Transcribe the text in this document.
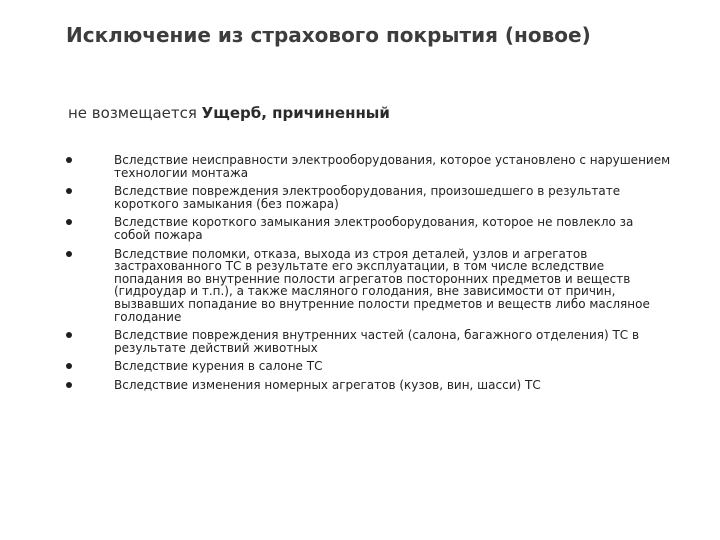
Исключение из страхового покрытия (новое)

не возмещается Ущерб, причиненный

Вследствие неисправности электрооборудования, которое установлено с нарушением технологии монтажа
Вследствие повреждения электрооборудования, произошедшего в результате короткого замыкания (без пожара)
Вследствие короткого замыкания электрооборудования, которое не повлекло за собой пожара
Вследствие поломки, отказа, выхода из строя деталей, узлов и агрегатов застрахованного ТС в результате его эксплуатации, в том числе вследствие попадания во внутренние полости агрегатов посторонних предметов и веществ (гидроудар и т.п.), а также масляного голодания, вне зависимости от причин, вызвавших попадание во внутренние полости предметов и веществ либо масляное голодание
Вследствие повреждения внутренних частей (салона, багажного отделения) ТС в результате действий животных
Вследствие курения в салоне ТС
Вследствие изменения номерных агрегатов (кузов, вин, шасси) ТС
